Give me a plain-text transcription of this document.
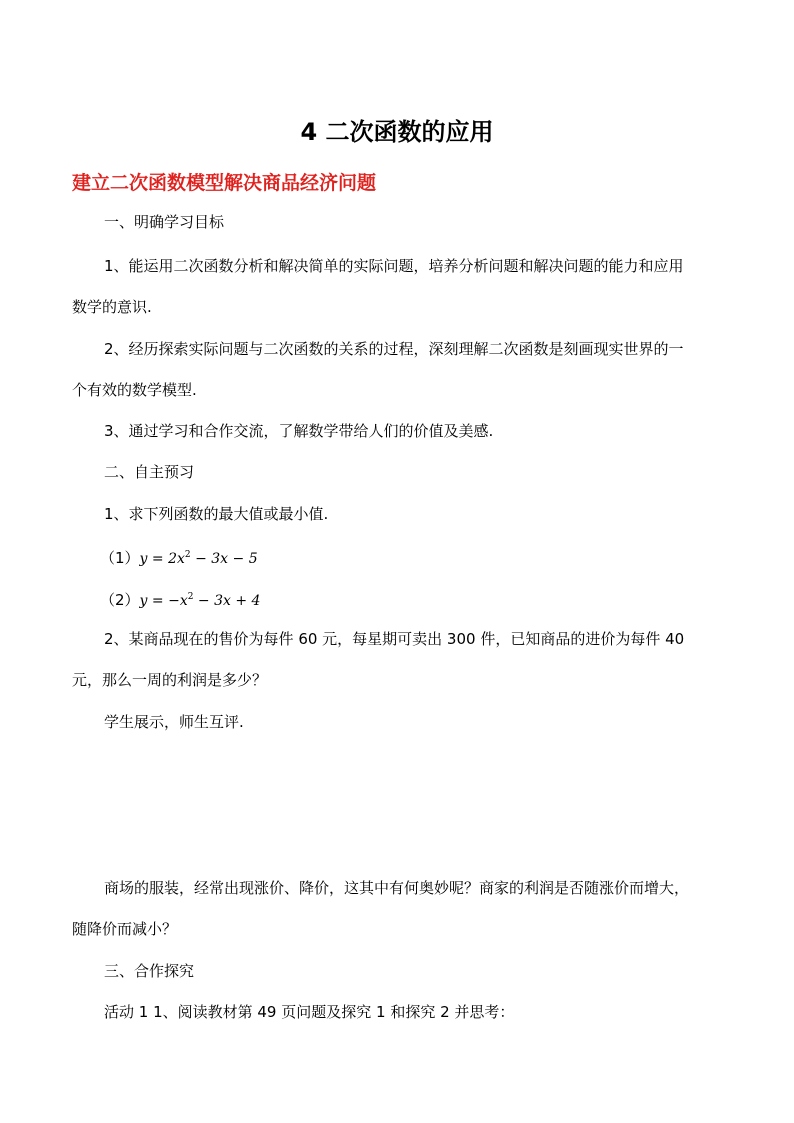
4 二次函数的应用
建立二次函数模型解决商品经济问题
一、明确学习目标
1、能运用二次函数分析和解决简单的实际问题，培养分析问题和解决问题的能力和应用
数学的意识.
2、经历探索实际问题与二次函数的关系的过程，深刻理解二次函数是刻画现实世界的一
个有效的数学模型.
3、通过学习和合作交流，了解数学带给人们的价值及美感.
二、自主预习
1、求下列函数的最大值或最小值.
$(1)y = 2x^2 - 3x - 5$
$(2)y = -x^2 - 3x + 4$
2、某商品现在的售价为每件 60 元，每星期可卖出 300 件，已知商品的进价为每件 40
元，那么一周的利润是多少？
学生展示，师生互评.
商场的服装，经常出现涨价、降价，这其中有何奥妙呢？商家的利润是否随涨价而增大，
随降价而减小？
三、合作探究
活动 1 1、阅读教材第 49 页问题及探究 1 和探究 2 并思考：
